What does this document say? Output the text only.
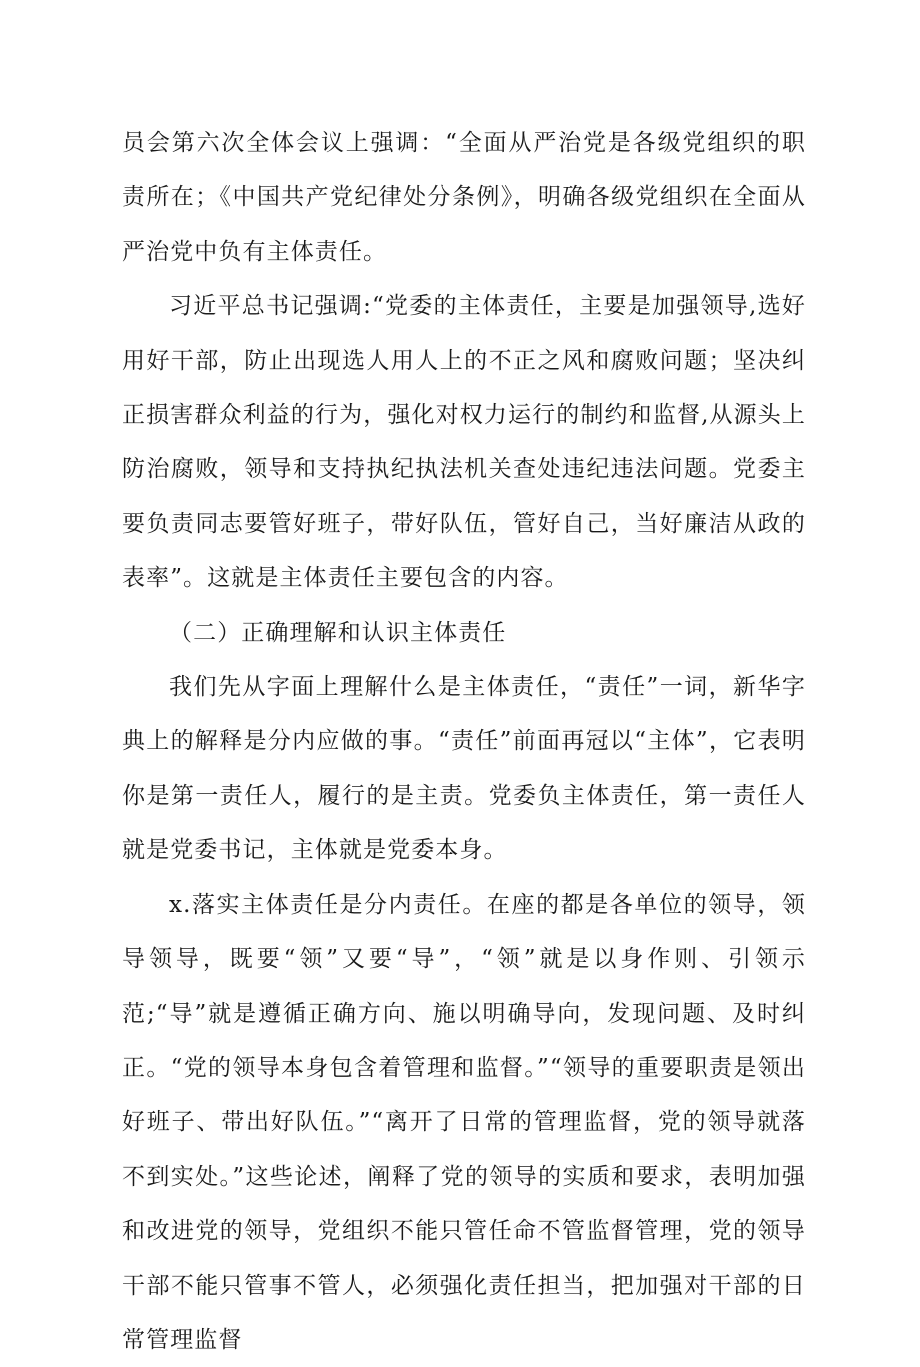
员会第六次全体会议上强调：“全面从严治党是各级党组织的职责所在；《中国共产党纪律处分条例》，明确各级党组织在全面从严治党中负有主体责任。

习近平总书记强调:“党委的主体责任，主要是加强领导,选好用好干部，防止出现选人用人上的不正之风和腐败问题；坚决纠正损害群众利益的行为，强化对权力运行的制约和监督,从源头上防治腐败，领导和支持执纪执法机关查处违纪违法问题。党委主要负责同志要管好班子，带好队伍，管好自己，当好廉洁从政的表率”。这就是主体责任主要包含的内容。

（二）正确理解和认识主体责任

我们先从字面上理解什么是主体责任，“责任”一词，新华字典上的解释是分内应做的事。“责任”前面再冠以“主体”，它表明你是第一责任人，履行的是主责。党委负主体责任，第一责任人就是党委书记，主体就是党委本身。

x.落实主体责任是分内责任。在座的都是各单位的领导，领导领导，既要“领”又要“导”，“领”就是以身作则、引领示范;“导”就是遵循正确方向、施以明确导向，发现问题、及时纠正。“党的领导本身包含着管理和监督。”“领导的重要职责是领出好班子、带出好队伍。”“离开了日常的管理监督，党的领导就落不到实处。”这些论述，阐释了党的领导的实质和要求，表明加强和改进党的领导，党组织不能只管任命不管监督管理，党的领导干部不能只管事不管人，必须强化责任担当，把加强对干部的日常管理监督
